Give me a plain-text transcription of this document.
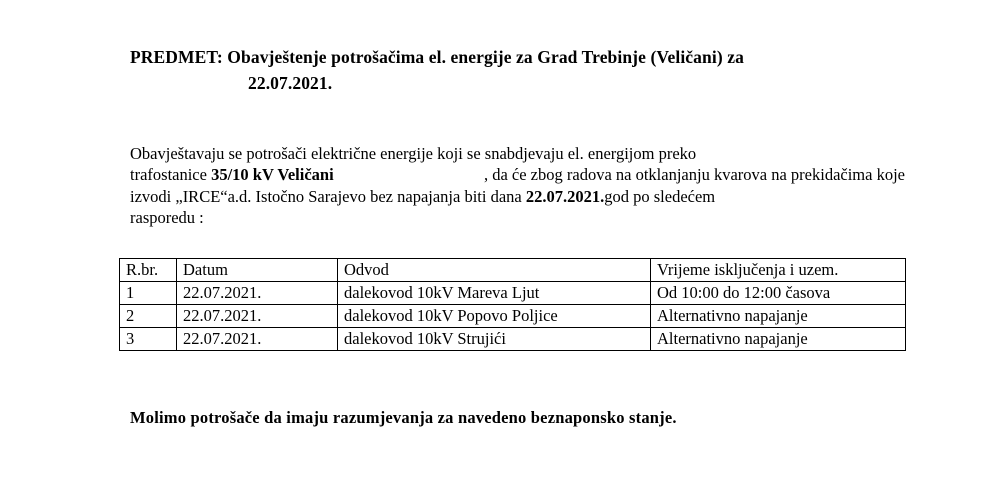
PREDMET: Obavještenje potrošačima el. energije za Grad Trebinje (Veličani) za
22.07.2021.
Obavještavaju se potrošači električne energije koji se snabdjevaju el. energijom preko
trafostanice 35/10 kV Veličani	, da će zbog radova na otklanjanju kvarova na prekidačima koje
izvodi „IRCE“a.d. Istočno Sarajevo bez napajanja biti dana 22.07.2021.god po sledećem
rasporedu :
R.br.	Datum	Odvod	Vrijeme isključenja i uzem.
1	22.07.2021.	dalekovod 10kV Mareva Ljut	Od 10:00 do 12:00 časova
2	22.07.2021.	dalekovod 10kV Popovo Poljice	Alternativno napajanje
3	22.07.2021.	dalekovod 10kV Strujići	Alternativno napajanje
Molimo potrošače da imaju razumjevanja za navedeno beznaponsko stanje.
